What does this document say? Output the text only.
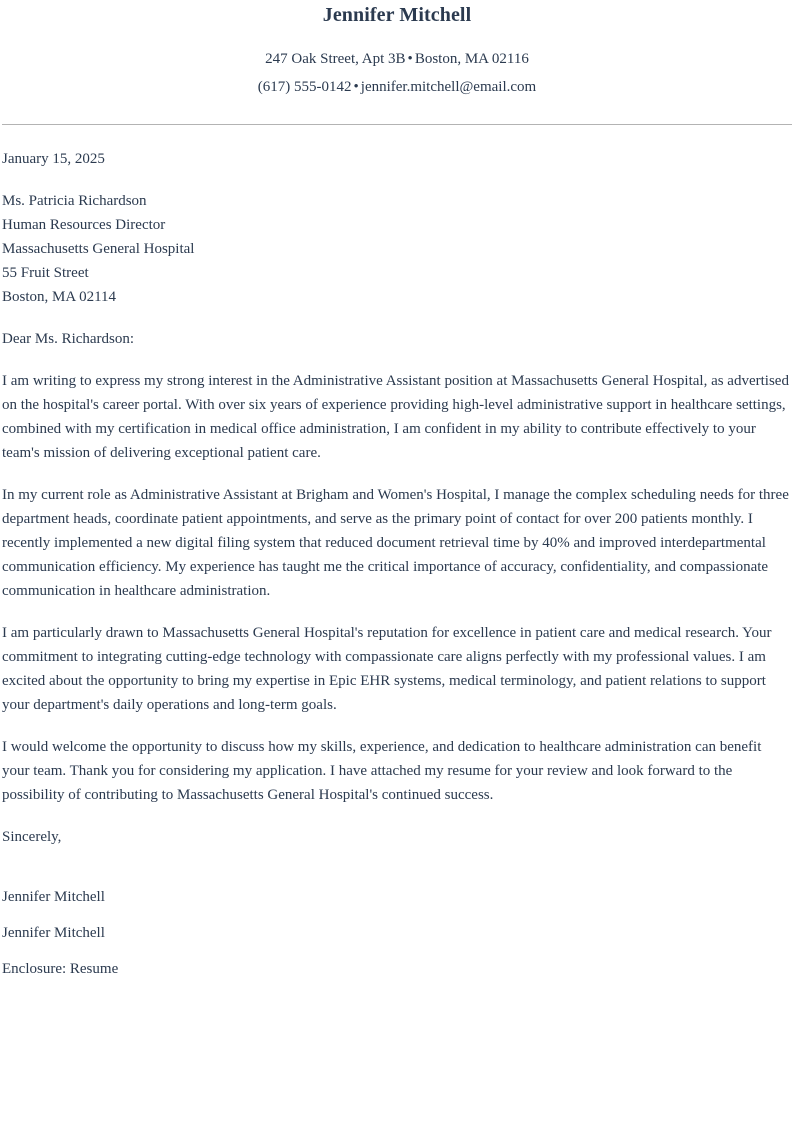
Jennifer Mitchell

247 Oak Street, Apt 3B • Boston, MA 02116

(617) 555-0142 • jennifer.mitchell@email.com

January 15, 2025

Ms. Patricia Richardson

Human Resources Director

Massachusetts General Hospital

55 Fruit Street

Boston, MA 02114

Dear Ms. Richardson:

I am writing to express my strong interest in the Administrative Assistant position at Massachusetts General Hospital, as advertised on the hospital's career portal. With over six years of experience providing high-level administrative support in healthcare settings, combined with my certification in medical office administration, I am confident in my ability to contribute effectively to your team's mission of delivering exceptional patient care.

In my current role as Administrative Assistant at Brigham and Women's Hospital, I manage the complex scheduling needs for three department heads, coordinate patient appointments, and serve as the primary point of contact for over 200 patients monthly. I recently implemented a new digital filing system that reduced document retrieval time by 40% and improved interdepartmental communication efficiency. My experience has taught me the critical importance of accuracy, confidentiality, and compassionate communication in healthcare administration.

I am particularly drawn to Massachusetts General Hospital's reputation for excellence in patient care and medical research. Your commitment to integrating cutting-edge technology with compassionate care aligns perfectly with my professional values. I am excited about the opportunity to bring my expertise in Epic EHR systems, medical terminology, and patient relations to support your department's daily operations and long-term goals.

I would welcome the opportunity to discuss how my skills, experience, and dedication to healthcare administration can benefit your team. Thank you for considering my application. I have attached my resume for your review and look forward to the possibility of contributing to Massachusetts General Hospital's continued success.

Sincerely,

Jennifer Mitchell

Jennifer Mitchell

Enclosure: Resume
